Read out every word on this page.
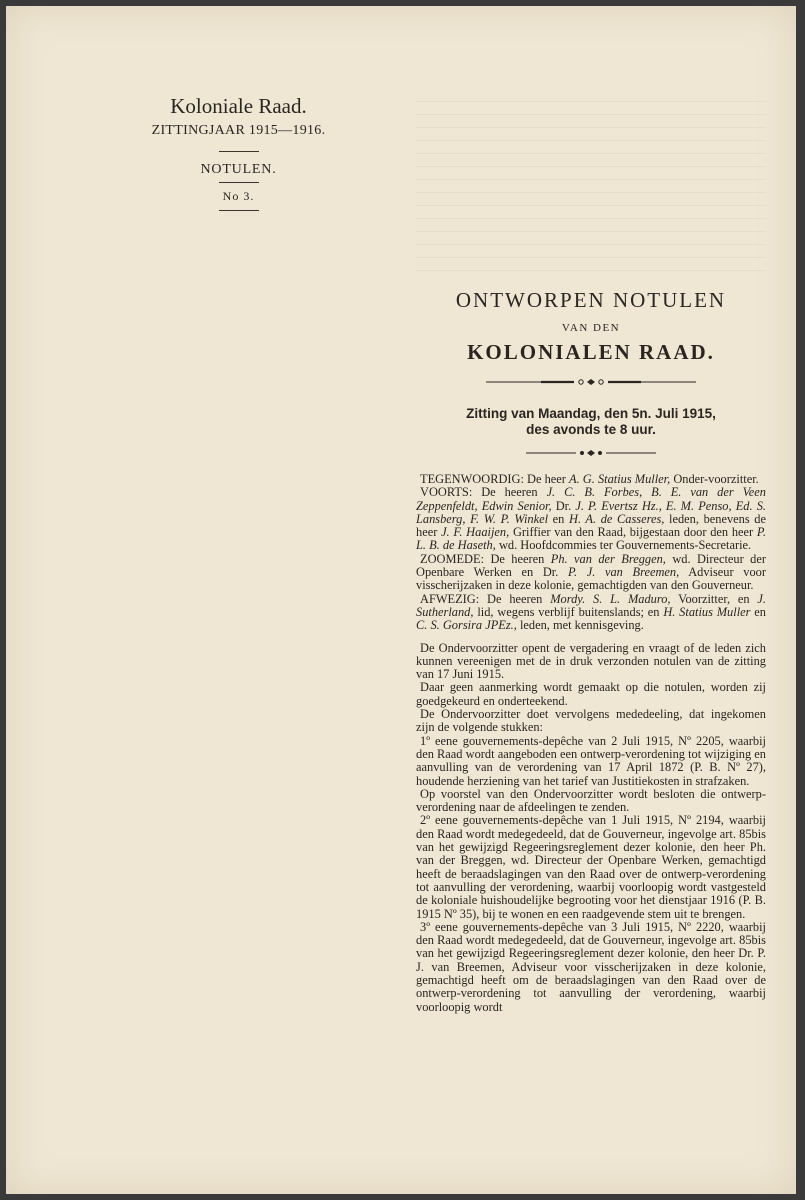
Koloniale Raad.
ZITTINGJAAR 1915—1916.
NOTULEN.
No 3.
ONTWORPEN NOTULEN
VAN DEN
KOLONIALEN RAAD.
Zitting van Maandag, den 5n. Juli 1915,
des avonds te 8 uur.

TEGENWOORDIG: De heer A. G. Statius Muller, Onder-voorzitter.

VOORTS: De heeren J. C. B. Forbes, B. E. van der Veen Zeppenfeldt, Edwin Senior, Dr. J. P. Evertsz Hz., E. M. Penso, Ed. S. Lansberg, F. W. P. Winkel en H. A. de Casseres, leden, benevens de heer J. F. Haaijen, Griffier van den Raad, bijgestaan door den heer P. L. B. de Haseth, wd. Hoofdcommies ter Gouvernements-Secretarie.

ZOOMEDE: De heeren Ph. van der Breggen, wd. Directeur der Openbare Werken en Dr. P. J. van Breemen, Adviseur voor visscherijzaken in deze kolonie, gemachtigden van den Gouverneur.

AFWEZIG: De heeren Mordy. S. L. Maduro, Voorzitter, en J. Sutherland, lid, wegens verblijf buitenslands; en H. Statius Muller en C. S. Gorsira JPEz., leden, met kennisgeving.

De Ondervoorzitter opent de vergadering en vraagt of de leden zich kunnen vereenigen met de in druk verzonden notulen van de zitting van 17 Juni 1915.

Daar geen aanmerking wordt gemaakt op die notulen, worden zij goedgekeurd en onderteekend.

De Ondervoorzitter doet vervolgens mededeeling, dat ingekomen zijn de volgende stukken:

1º eene gouvernements-depêche van 2 Juli 1915, Nº 2205, waarbij den Raad wordt aangeboden een ontwerp-verordening tot wijziging en aanvulling van de verordening van 17 April 1872 (P. B. Nº 27), houdende herziening van het tarief van Justitiekosten in strafzaken.

Op voorstel van den Ondervoorzitter wordt besloten die ontwerp-verordening naar de afdeelingen te zenden.

2º eene gouvernements-depêche van 1 Juli 1915, Nº 2194, waarbij den Raad wordt medegedeeld, dat de Gouverneur, ingevolge art. 85bis van het gewijzigd Regeeringsreglement dezer kolonie, den heer Ph. van der Breggen, wd. Directeur der Openbare Werken, gemachtigd heeft de beraadslagingen van den Raad over de ontwerp-verordening tot aanvulling der verordening, waarbij voorloopig wordt vastgesteld de koloniale huishoudelijke begrooting voor het dienstjaar 1916 (P. B. 1915 Nº 35), bij te wonen en een raadgevende stem uit te brengen.

3º eene gouvernements-depêche van 3 Juli 1915, Nº 2220, waarbij den Raad wordt medegedeeld, dat de Gouverneur, ingevolge art. 85bis van het gewijzigd Regeeringsreglement dezer kolonie, den heer Dr. P. J. van Breemen, Adviseur voor visscherijzaken in deze kolonie, gemachtigd heeft om de beraadslagingen van den Raad over de ontwerp-verordening tot aanvulling der verordening, waarbij voorloopig wordt
